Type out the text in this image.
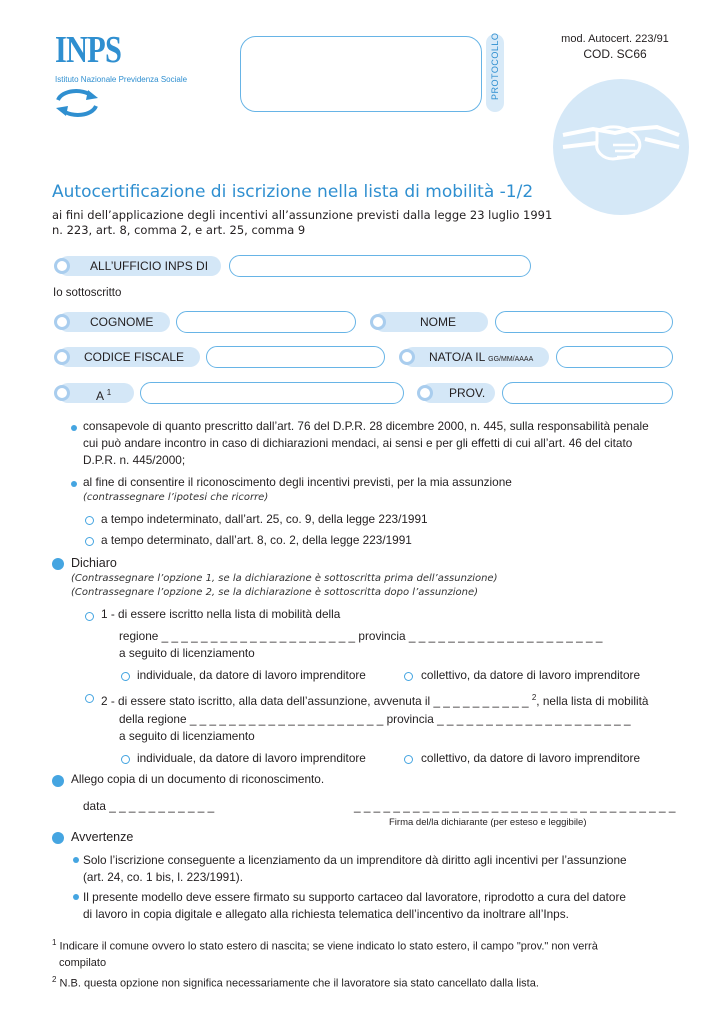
INPS
Istituto Nazionale Previdenza Sociale	PROTOCOLLO	mod. Autocert. 223/91
COD. SC66
Autocertificazione di iscrizione nella lista di mobilità -1/2
ai fini dell’applicazione degli incentivi all’assunzione previsti dalla legge 23 luglio 1991
n. 223, art. 8, comma 2, e art. 25, comma 9
ALL’UFFICIO INPS DI
Io sottoscritto
COGNOME	NOME
CODICE FISCALE	NATO/A IL GG/MM/AAAA
A $^1$	PROV.
consapevole di quanto prescritto dall’art. 76 del D.P.R. 28 dicembre 2000, n. 445, sulla responsabilità penale
cui può andare incontro in caso di dichiarazioni mendaci, ai sensi e per gli effetti di cui all’art. 46 del citato
D.P.R. n. 445/2000;
al fine di consentire il riconoscimento degli incentivi previsti, per la mia assunzione
(contrassegnare l’ipotesi che ricorre)
a tempo indeterminato, dall’art. 25, co. 9, della legge 223/1991
a tempo determinato, dall’art. 8, co. 2, della legge 223/1991
Dichiaro
(Contrassegnare l’opzione 1, se la dichiarazione è sottoscritta prima dell’assunzione)
(Contrassegnare l’opzione 2, se la dichiarazione è sottoscritta dopo l’assunzione)
1 - di essere iscritto nella lista di mobilità della
regione _ _ _ _ _ _ _ _ _ _ _ _ _ _ _ _ _ _ _ _ provincia _ _ _ _ _ _ _ _ _ _ _ _ _ _ _ _ _ _ _ _
a seguito di licenziamento
individuale, da datore di lavoro imprenditore	collettivo, da datore di lavoro imprenditore
2 - di essere stato iscritto, alla data dell’assunzione, avvenuta il _ _ _ _ _ _ _ _ _ _ $^2$, nella lista di mobilità
della regione _ _ _ _ _ _ _ _ _ _ _ _ _ _ _ _ _ _ _ _ provincia _ _ _ _ _ _ _ _ _ _ _ _ _ _ _ _ _ _ _ _
a seguito di licenziamento
individuale, da datore di lavoro imprenditore	collettivo, da datore di lavoro imprenditore
Allego copia di un documento di riconoscimento.
data _ _ _ _ _ _ _ _ _ _ _	_ _ _ _ _ _ _ _ _ _ _ _ _ _ _ _ _ _ _ _ _ _ _ _ _ _ _ _ _ _ _ _ _
Firma del/la dichiarante (per esteso e leggibile)
Avvertenze
Solo l’iscrizione conseguente a licenziamento da un imprenditore dà diritto agli incentivi per l’assunzione
(art. 24, co. 1 bis, l. 223/1991).
Il presente modello deve essere firmato su supporto cartaceo dal lavoratore, riprodotto a cura del datore
di lavoro in copia digitale e allegato alla richiesta telematica dell’incentivo da inoltrare all’Inps.
$^1$ Indicare il comune ovvero lo stato estero di nascita; se viene indicato lo stato estero, il campo "prov." non verrà
compilato
$^2$ N.B. questa opzione non significa necessariamente che il lavoratore sia stato cancellato dalla lista.
